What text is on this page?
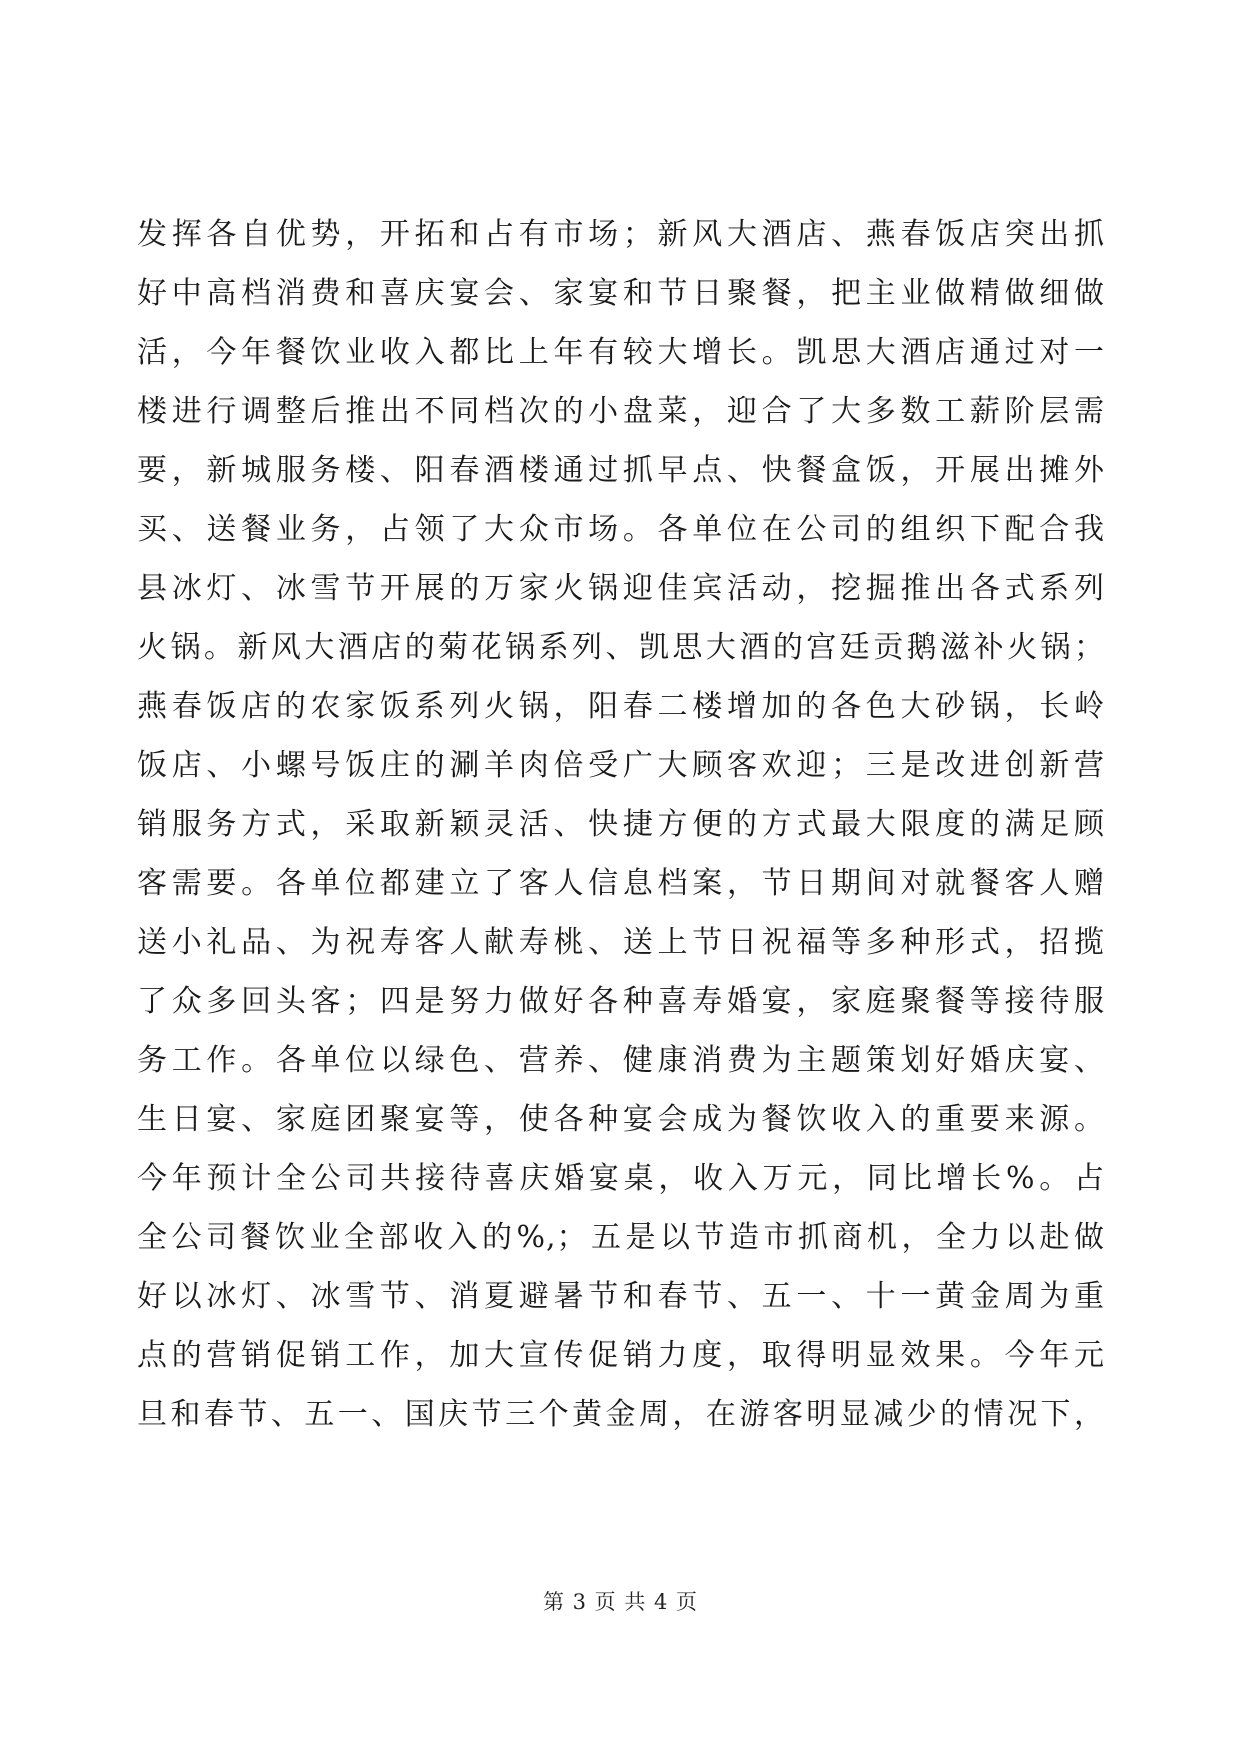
发挥各自优势，开拓和占有市场；新风大酒店、燕春饭店突出抓
好中高档消费和喜庆宴会、家宴和节日聚餐，把主业做精做细做
活，今年餐饮业收入都比上年有较大增长。凯思大酒店通过对一
楼进行调整后推出不同档次的小盘菜，迎合了大多数工薪阶层需
要，新城服务楼、阳春酒楼通过抓早点、快餐盒饭，开展出摊外
买、送餐业务，占领了大众市场。各单位在公司的组织下配合我
县冰灯、冰雪节开展的万家火锅迎佳宾活动，挖掘推出各式系列
火锅。新风大酒店的菊花锅系列、凯思大酒的宫廷贡鹅滋补火锅；
燕春饭店的农家饭系列火锅，阳春二楼增加的各色大砂锅，长岭
饭店、小螺号饭庄的涮羊肉倍受广大顾客欢迎；三是改进创新营
销服务方式，采取新颖灵活、快捷方便的方式最大限度的满足顾
客需要。各单位都建立了客人信息档案，节日期间对就餐客人赠
送小礼品、为祝寿客人献寿桃、送上节日祝福等多种形式，招揽
了众多回头客；四是努力做好各种喜寿婚宴，家庭聚餐等接待服
务工作。各单位以绿色、营养、健康消费为主题策划好婚庆宴、
生日宴、家庭团聚宴等，使各种宴会成为餐饮收入的重要来源。
今年预计全公司共接待喜庆婚宴桌，收入万元，同比增长%。占
全公司餐饮业全部收入的%,；五是以节造市抓商机，全力以赴做
好以冰灯、冰雪节、消夏避暑节和春节、五一、十一黄金周为重
点的营销促销工作，加大宣传促销力度，取得明显效果。今年元
旦和春节、五一、国庆节三个黄金周，在游客明显减少的情况下，
第 3 页 共 4 页
